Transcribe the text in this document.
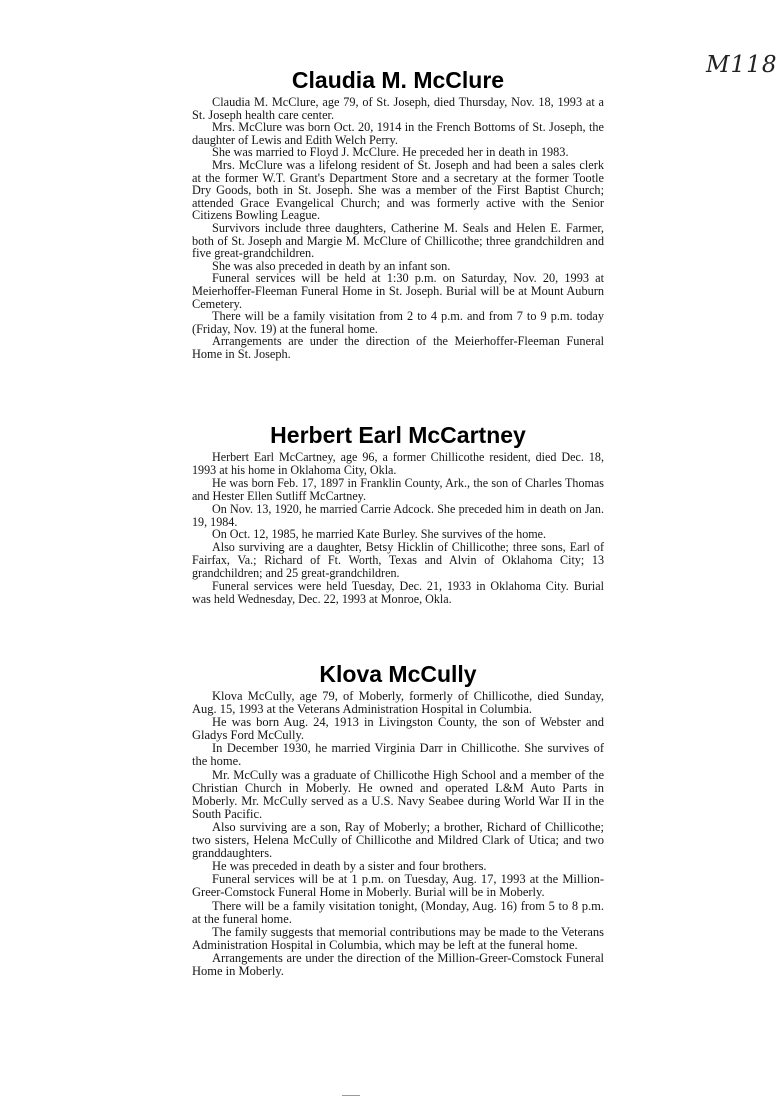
M118
Claudia M. McClure

Claudia M. McClure, age 79, of St. Joseph, died Thursday, Nov. 18, 1993 at a St. Joseph health care center.

Mrs. McClure was born Oct. 20, 1914 in the French Bottoms of St. Joseph, the daughter of Lewis and Edith Welch Perry.

She was married to Floyd J. McClure. He preceded her in death in 1983.

Mrs. McClure was a lifelong resident of St. Joseph and had been a sales clerk at the former W.T. Grant's Department Store and a secretary at the former Tootle Dry Goods, both in St. Joseph. She was a member of the First Baptist Church; attended Grace Evangelical Church; and was formerly active with the Senior Citizens Bowling League.

Survivors include three daughters, Catherine M. Seals and Helen E. Farmer, both of St. Joseph and Margie M. McClure of Chillicothe; three grandchildren and five great-grandchildren.

She was also preceded in death by an infant son.

Funeral services will be held at 1:30 p.m. on Saturday, Nov. 20, 1993 at Meierhoffer-Fleeman Funeral Home in St. Joseph. Burial will be at Mount Auburn Cemetery.

There will be a family visitation from 2 to 4 p.m. and from 7 to 9 p.m. today (Friday, Nov. 19) at the funeral home.

Arrangements are under the direction of the Meierhoffer-Fleeman Funeral Home in St. Joseph.

Herbert Earl McCartney

Herbert Earl McCartney, age 96, a former Chillicothe resident, died Dec. 18, 1993 at his home in Oklahoma City, Okla.

He was born Feb. 17, 1897 in Franklin County, Ark., the son of Charles Thomas and Hester Ellen Sutliff McCartney.

On Nov. 13, 1920, he married Carrie Adcock. She preceded him in death on Jan. 19, 1984.

On Oct. 12, 1985, he married Kate Burley. She survives of the home.

Also surviving are a daughter, Betsy Hicklin of Chillicothe; three sons, Earl of Fairfax, Va.; Richard of Ft. Worth, Texas and Alvin of Oklahoma City; 13 grandchildren; and 25 great-grandchildren.

Funeral services were held Tuesday, Dec. 21, 1933 in Oklahoma City. Burial was held Wednesday, Dec. 22, 1993 at Monroe, Okla.

Klova McCully

Klova McCully, age 79, of Moberly, formerly of Chillicothe, died Sunday, Aug. 15, 1993 at the Veterans Administration Hospital in Columbia.

He was born Aug. 24, 1913 in Livingston County, the son of Webster and Gladys Ford McCully.

In December 1930, he married Virginia Darr in Chillicothe. She survives of the home.

Mr. McCully was a graduate of Chillicothe High School and a member of the Christian Church in Moberly. He owned and operated L&M Auto Parts in Moberly. Mr. McCully served as a U.S. Navy Seabee during World War II in the South Pacific.

Also surviving are a son, Ray of Moberly; a brother, Richard of Chillicothe; two sisters, Helena McCully of Chillicothe and Mildred Clark of Utica; and two granddaughters.

He was preceded in death by a sister and four brothers.

Funeral services will be at 1 p.m. on Tuesday, Aug. 17, 1993 at the Million-Greer-Comstock Funeral Home in Moberly. Burial will be in Moberly.

There will be a family visitation tonight, (Monday, Aug. 16) from 5 to 8 p.m. at the funeral home.

The family suggests that memorial contributions may be made to the Veterans Administration Hospital in Columbia, which may be left at the funeral home.

Arrangements are under the direction of the Million-Greer-Comstock Funeral Home in Moberly.
